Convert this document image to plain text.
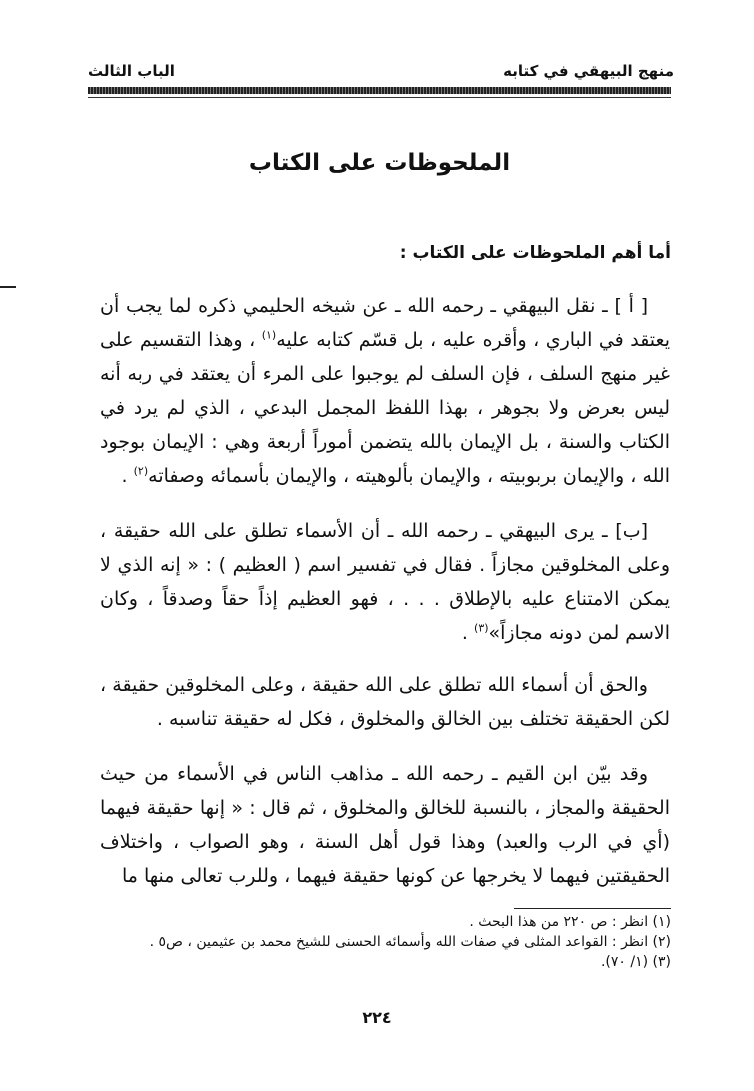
منهج البيهقي في كتابه
الباب الثالث
الملحوظات على الكتاب
أما أهم الملحوظات على الكتاب :

[ أ ] ـ نقل البيهقي ـ رحمه الله ـ عن شيخه الحليمي ذكره لما يجب أن يعتقد في الباري ، وأقره عليه ، بل قسّم كتابه عليه$^{(١)}$ ، وهذا التقسيم على غير منهج السلف ، فإن السلف لم يوجبوا على المرء أن يعتقد في ربه أنه ليس بعرض ولا بجوهر ، بهذا اللفظ المجمل البدعي ، الذي لم يرد في الكتاب والسنة ، بل الإيمان بالله يتضمن أموراً أربعة وهي : الإيمان بوجود الله ، والإيمان بربوبيته ، والإيمان بألوهيته ، والإيمان بأسمائه وصفاته$^{(٢)}$ .

[ب] ـ يرى البيهقي ـ رحمه الله ـ أن الأسماء تطلق على الله حقيقة ، وعلى المخلوقين مجازاً . فقال في تفسير اسم ( العظيم ) : « إنه الذي لا يمكن الامتناع عليه بالإطلاق . . . ، فهو العظيم إذاً حقاً وصدقاً ، وكان الاسم لمن دونه مجازاً»$^{(٣)}$ .

والحق أن أسماء الله تطلق على الله حقيقة ، وعلى المخلوقين حقيقة ، لكن الحقيقة تختلف بين الخالق والمخلوق ، فكل له حقيقة تناسبه .

وقد بيّن ابن القيم ـ رحمه الله ـ مذاهب الناس في الأسماء من حيث الحقيقة والمجاز ، بالنسبة للخالق والمخلوق ، ثم قال : « إنها حقيقة فيهما (أي في الرب والعبد) وهذا قول أهل السنة ، وهو الصواب ، واختلاف الحقيقتين فيهما لا يخرجها عن كونها حقيقة فيهما ، وللرب تعالى منها ما

(١) انظر : ص ٢٢٠ من هذا البحث .
(٢) انظر : القواعد المثلى في صفات الله وأسمائه الحسنى للشيخ محمد بن عثيمين ، ص٥ .
(٣) (١/ ٧٠).
٢٢٤
